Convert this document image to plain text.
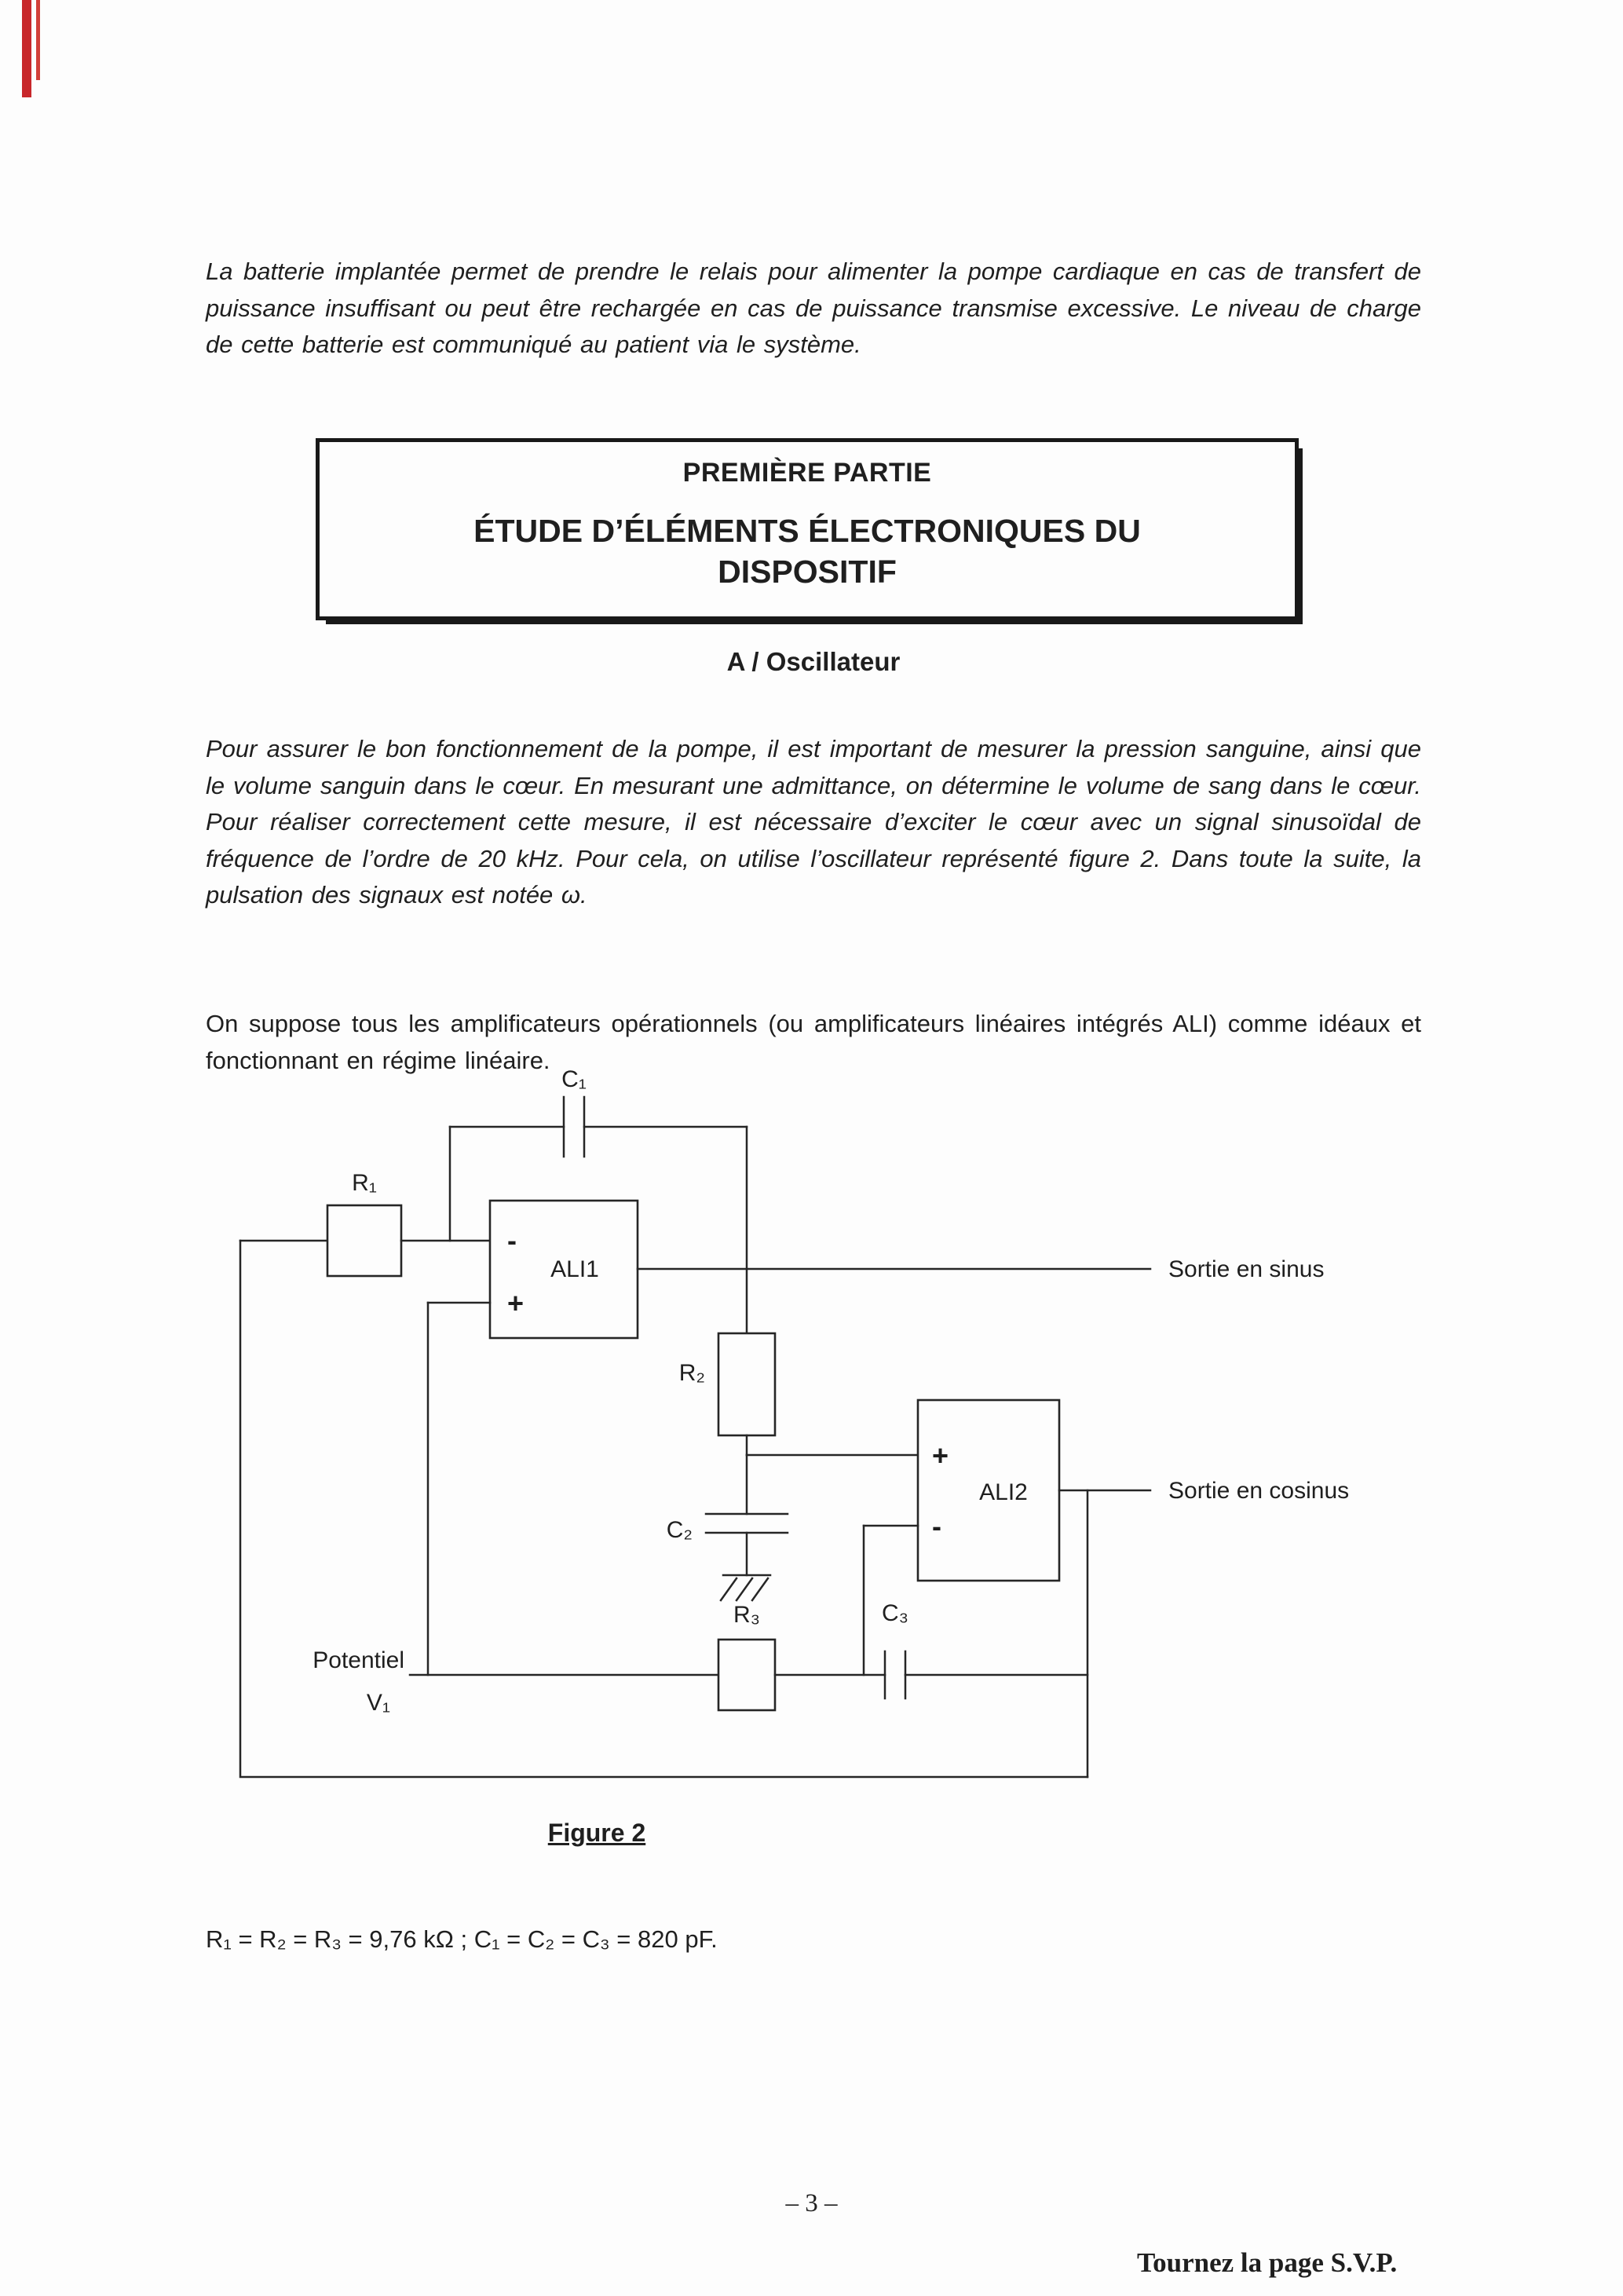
La batterie implantée permet de prendre le relais pour alimenter la pompe cardiaque en cas de transfert de puissance insuffisant ou peut être rechargée en cas de puissance transmise excessive. Le niveau de charge de cette batterie est communiqué au patient via le système.

PREMIÈRE PARTIE
ÉTUDE D’ÉLÉMENTS ÉLECTRONIQUES DU DISPOSITIF
A / Oscillateur

Pour assurer le bon fonctionnement de la pompe, il est important de mesurer la pression sanguine, ainsi que le volume sanguin dans le cœur. En mesurant une admittance, on détermine le volume de sang dans le cœur. Pour réaliser correctement cette mesure, il est nécessaire d’exciter le cœur avec un signal sinusoïdal de fréquence de l’ordre de 20 kHz. Pour cela, on utilise l’oscillateur représenté figure 2. Dans toute la suite, la pulsation des signaux est notée ω.

On suppose tous les amplificateurs opérationnels (ou amplificateurs linéaires intégrés ALI) comme idéaux et fonctionnant en régime linéaire.

R₁
C₁
-
+
ALI1	Sortie en sinus
R₂
C₂
+
-
ALI2	Sortie en cosinus
Potentiel
V₁
R₃	C₃
Figure 2
R₁ = R₂ = R₃ = 9,76 kΩ ; C₁ = C₂ = C₃ = 820 pF.
– 3 –
Tournez la page S.V.P.
